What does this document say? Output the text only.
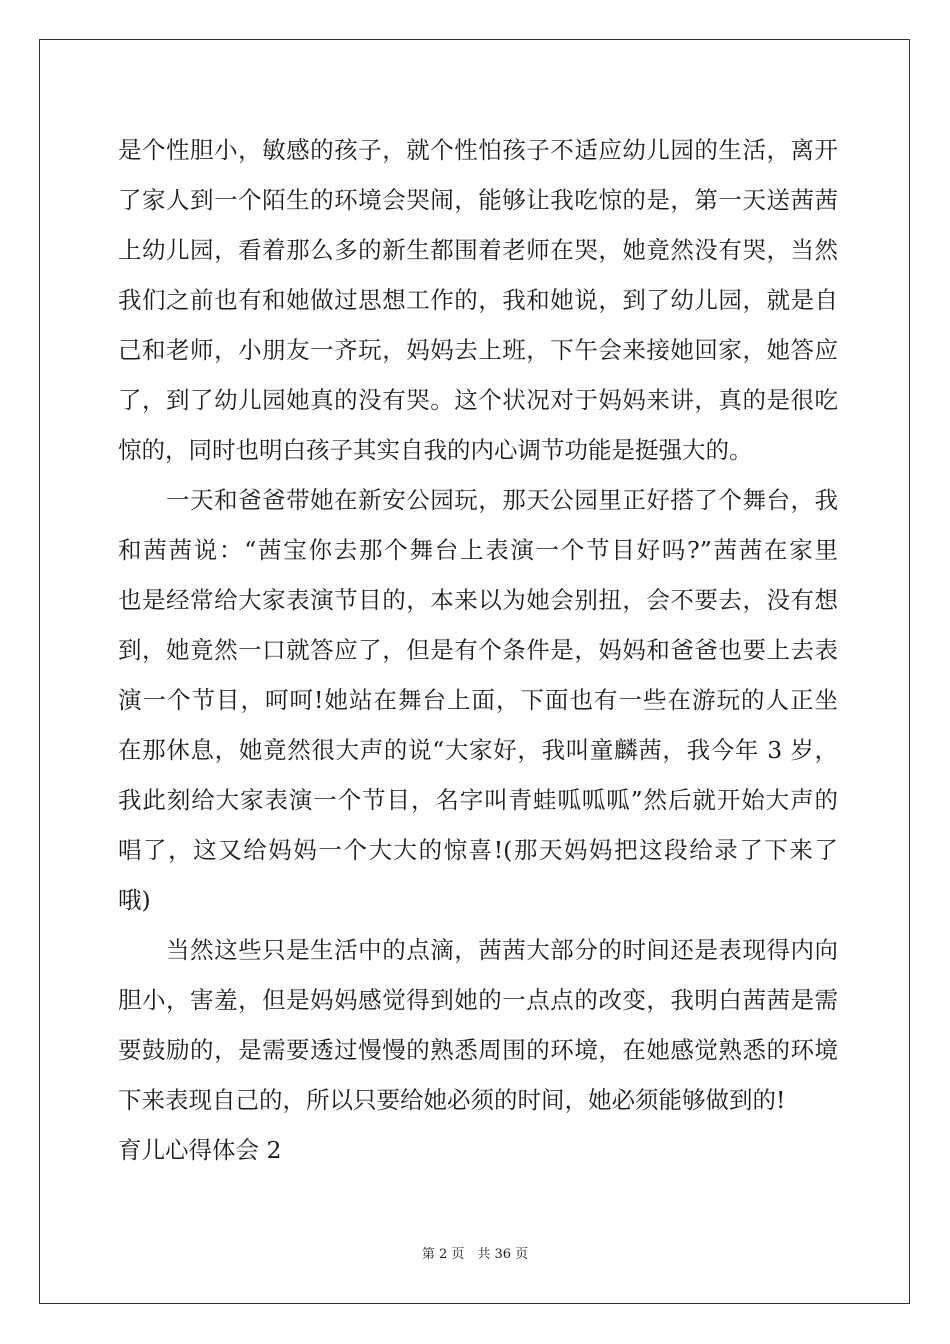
是个性胆小，敏感的孩子，就个性怕孩子不适应幼儿园的生活，离开
了家人到一个陌生的环境会哭闹，能够让我吃惊的是，第一天送茜茜
上幼儿园，看着那么多的新生都围着老师在哭，她竟然没有哭，当然
我们之前也有和她做过思想工作的，我和她说，到了幼儿园，就是自
己和老师，小朋友一齐玩，妈妈去上班，下午会来接她回家，她答应
了，到了幼儿园她真的没有哭。这个状况对于妈妈来讲，真的是很吃
惊的，同时也明白孩子其实自我的内心调节功能是挺强大的。
　　一天和爸爸带她在新安公园玩，那天公园里正好搭了个舞台，我
和茜茜说：“茜宝你去那个舞台上表演一个节目好吗?”茜茜在家里
也是经常给大家表演节目的，本来以为她会别扭，会不要去，没有想
到，她竟然一口就答应了，但是有个条件是，妈妈和爸爸也要上去表
演一个节目，呵呵!她站在舞台上面，下面也有一些在游玩的人正坐
在那休息，她竟然很大声的说“大家好，我叫童麟茜，我今年 3 岁，
我此刻给大家表演一个节目，名字叫青蛙呱呱呱”然后就开始大声的
唱了，这又给妈妈一个大大的惊喜!(那天妈妈把这段给录了下来了
哦)
　　当然这些只是生活中的点滴，茜茜大部分的时间还是表现得内向
胆小，害羞，但是妈妈感觉得到她的一点点的改变，我明白茜茜是需
要鼓励的，是需要透过慢慢的熟悉周围的环境，在她感觉熟悉的环境
下来表现自己的，所以只要给她必须的时间，她必须能够做到的!
育儿心得体会 2
第 2 页　共 36 页
